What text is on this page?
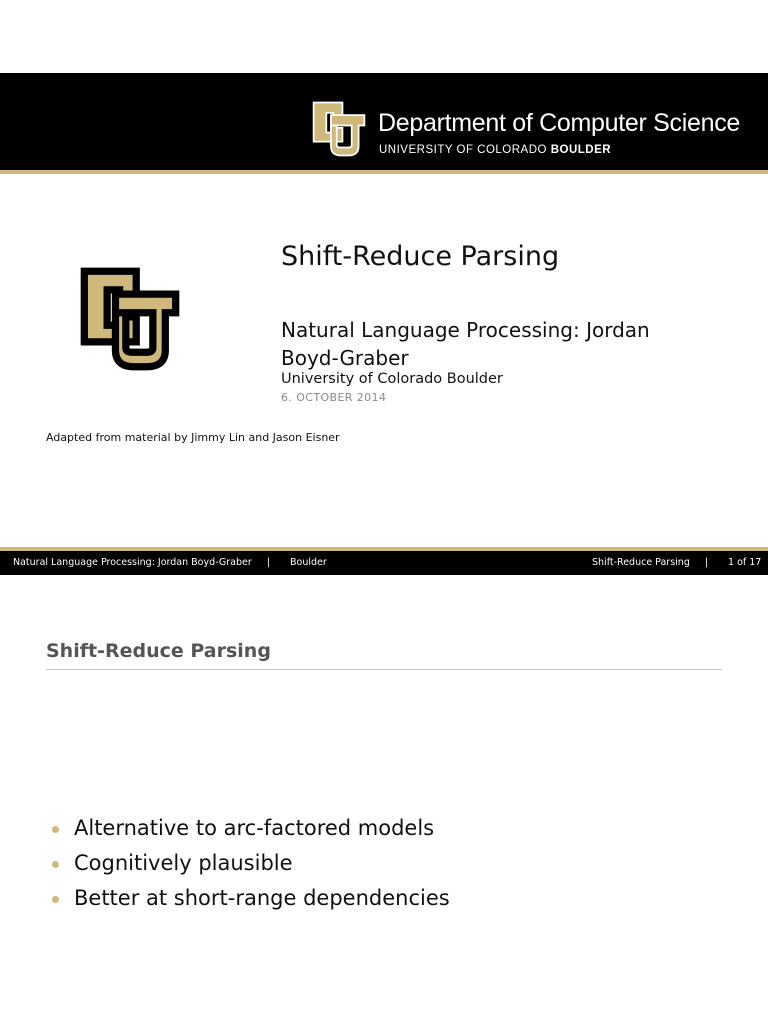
Department of Computer Science
UNIVERSITY OF COLORADO BOULDER
Shift-Reduce Parsing
Natural Language Processing: Jordan Boyd-Graber
University of Colorado Boulder
6. OCTOBER 2014
Adapted from material by Jimmy Lin and Jason Eisner
Natural Language Processing: Jordan Boyd-Graber | Boulder	Shift-Reduce Parsing | 1 of 17
Shift-Reduce Parsing
Alternative to arc-factored models
Cognitively plausible
Better at short-range dependencies
